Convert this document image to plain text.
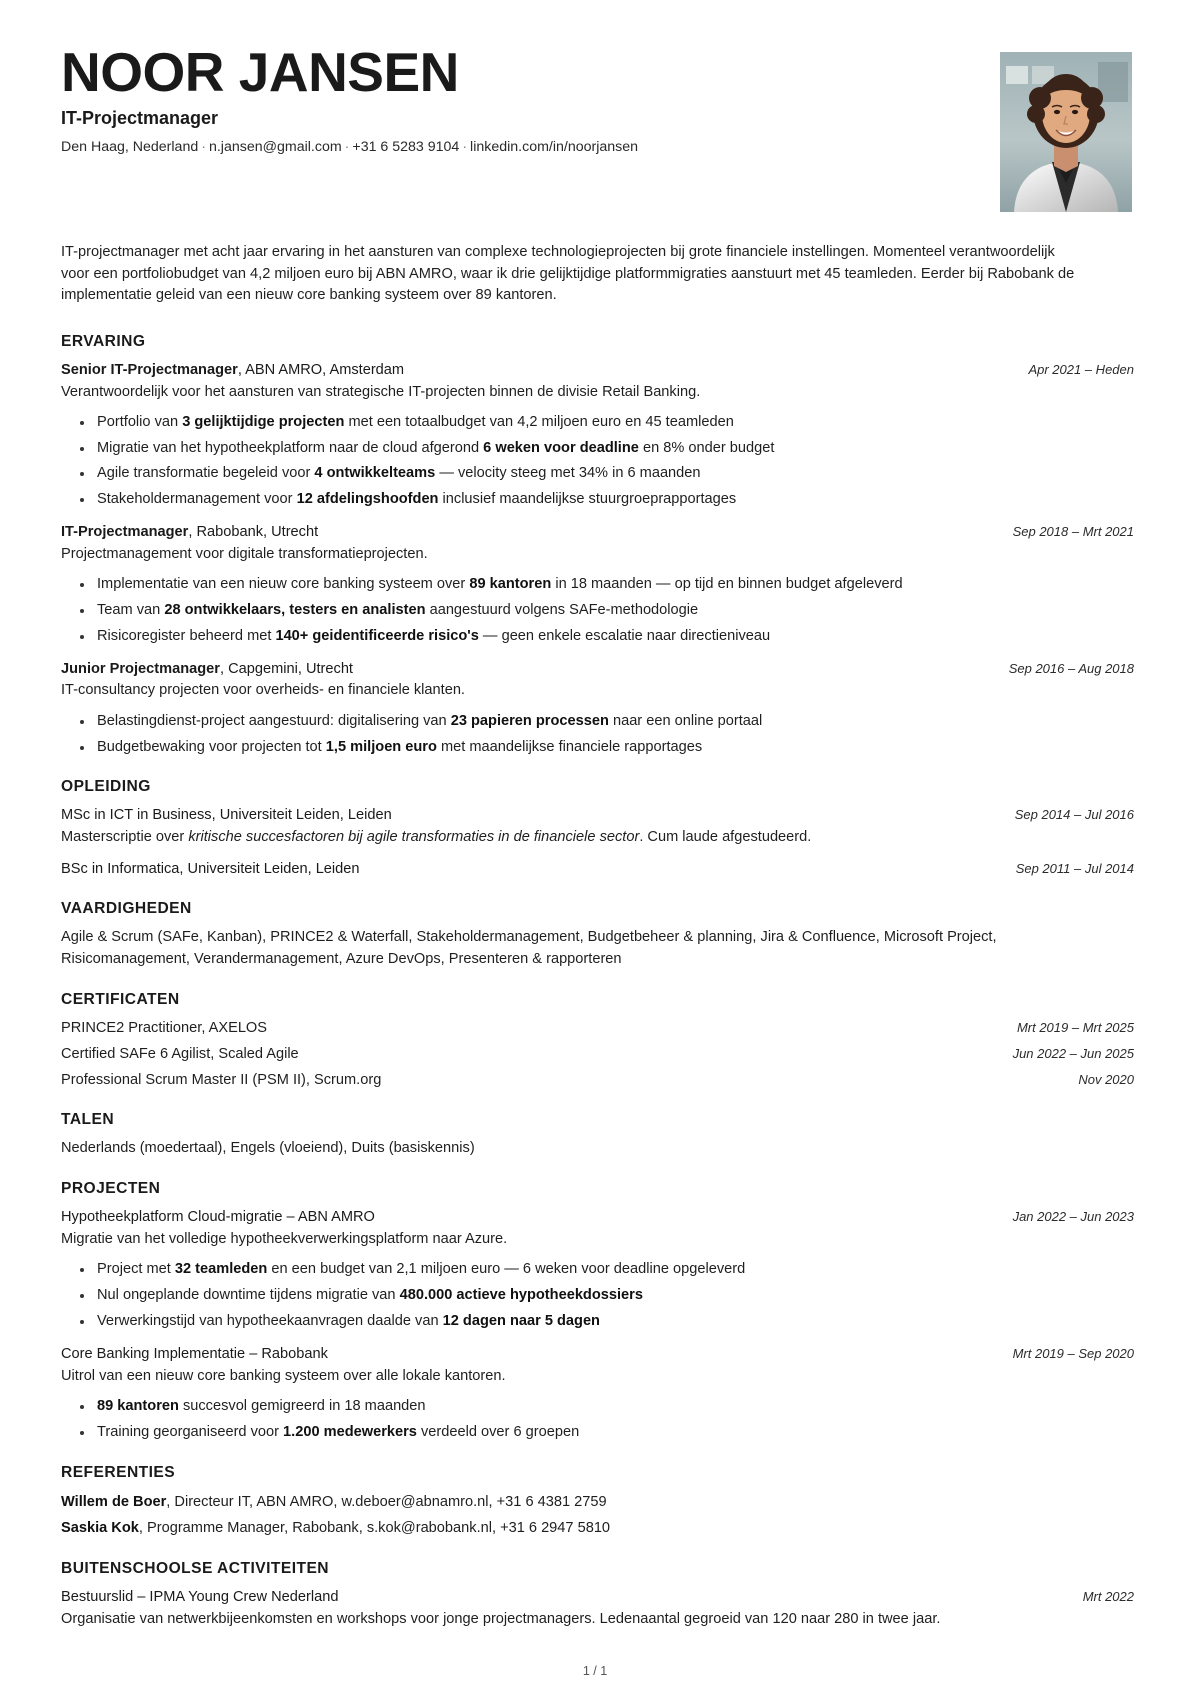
NOOR JANSEN
IT-Projectmanager
Den Haag, Nederland · n.jansen@gmail.com · +31 6 5283 9104 · linkedin.com/in/noorjansen

IT-projectmanager met acht jaar ervaring in het aansturen van complexe technologieprojecten bij grote financiele instellingen. Momenteel verantwoordelijk voor een portfoliobudget van 4,2 miljoen euro bij ABN AMRO, waar ik drie gelijktijdige platformmigraties aanstuurt met 45 teamleden. Eerder bij Rabobank de implementatie geleid van een nieuw core banking systeem over 89 kantoren.

ERVARING
Senior IT-Projectmanager, ABN AMRO, Amsterdam	Apr 2021 – Heden
Verantwoordelijk voor het aansturen van strategische IT-projecten binnen de divisie Retail Banking.
Portfolio van 3 gelijktijdige projecten met een totaalbudget van 4,2 miljoen euro en 45 teamleden
Migratie van het hypotheekplatform naar de cloud afgerond 6 weken voor deadline en 8% onder budget
Agile transformatie begeleid voor 4 ontwikkelteams — velocity steeg met 34% in 6 maanden
Stakeholdermanagement voor 12 afdelingshoofden inclusief maandelijkse stuurgroeprapportages
IT-Projectmanager, Rabobank, Utrecht	Sep 2018 – Mrt 2021
Projectmanagement voor digitale transformatieprojecten.
Implementatie van een nieuw core banking systeem over 89 kantoren in 18 maanden — op tijd en binnen budget afgeleverd
Team van 28 ontwikkelaars, testers en analisten aangestuurd volgens SAFe-methodologie
Risicoregister beheerd met 140+ geidentificeerde risico's — geen enkele escalatie naar directieniveau
Junior Projectmanager, Capgemini, Utrecht	Sep 2016 – Aug 2018
IT-consultancy projecten voor overheids- en financiele klanten.
Belastingdienst-project aangestuurd: digitalisering van 23 papieren processen naar een online portaal
Budgetbewaking voor projecten tot 1,5 miljoen euro met maandelijkse financiele rapportages
OPLEIDING
MSc in ICT in Business, Universiteit Leiden, Leiden	Sep 2014 – Jul 2016
Masterscriptie over kritische succesfactoren bij agile transformaties in de financiele sector. Cum laude afgestudeerd.
BSc in Informatica, Universiteit Leiden, Leiden	Sep 2011 – Jul 2014
VAARDIGHEDEN
Agile & Scrum (SAFe, Kanban), PRINCE2 & Waterfall, Stakeholdermanagement, Budgetbeheer & planning, Jira & Confluence, Microsoft Project, Risicomanagement, Verandermanagement, Azure DevOps, Presenteren & rapporteren
CERTIFICATEN
PRINCE2 Practitioner, AXELOS	Mrt 2019 – Mrt 2025
Certified SAFe 6 Agilist, Scaled Agile	Jun 2022 – Jun 2025
Professional Scrum Master II (PSM II), Scrum.org	Nov 2020
TALEN
Nederlands (moedertaal), Engels (vloeiend), Duits (basiskennis)
PROJECTEN
Hypotheekplatform Cloud-migratie – ABN AMRO	Jan 2022 – Jun 2023
Migratie van het volledige hypotheekverwerkingsplatform naar Azure.
Project met 32 teamleden en een budget van 2,1 miljoen euro — 6 weken voor deadline opgeleverd
Nul ongeplande downtime tijdens migratie van 480.000 actieve hypotheekdossiers
Verwerkingstijd van hypotheekaanvragen daalde van 12 dagen naar 5 dagen
Core Banking Implementatie – Rabobank	Mrt 2019 – Sep 2020
Uitrol van een nieuw core banking systeem over alle lokale kantoren.
89 kantoren succesvol gemigreerd in 18 maanden
Training georganiseerd voor 1.200 medewerkers verdeeld over 6 groepen
REFERENTIES
Willem de Boer, Directeur IT, ABN AMRO, w.deboer@abnamro.nl, +31 6 4381 2759
Saskia Kok, Programme Manager, Rabobank, s.kok@rabobank.nl, +31 6 2947 5810
BUITENSCHOOLSE ACTIVITEITEN
Bestuurslid – IPMA Young Crew Nederland	Mrt 2022
Organisatie van netwerkbijeenkomsten en workshops voor jonge projectmanagers. Ledenaantal gegroeid van 120 naar 280 in twee jaar.
1 / 1
